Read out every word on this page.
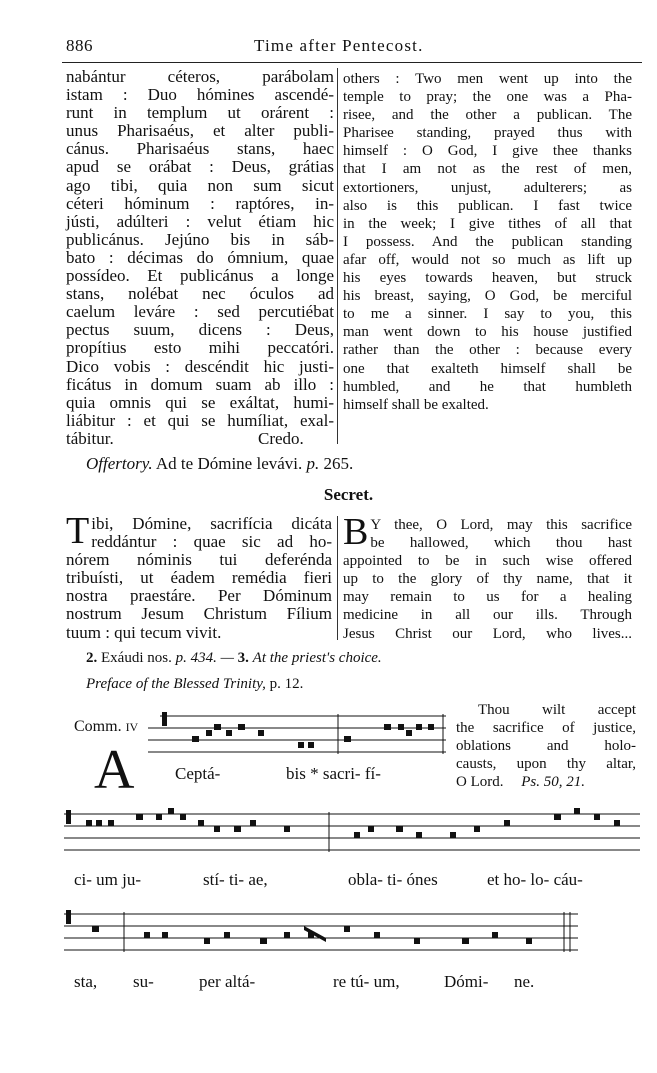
886	Time after Pentecost.
nabántur céteros, parábolam
istam : Duo hómines ascendé-
runt in templum ut orárent :
unus Pharisaéus, et alter publi-
cánus. Pharisaéus stans, haec
apud se orábat : Deus, grátias
ago tibi, quia non sum sicut
céteri hóminum : raptóres, in-
jústi, adúlteri : velut étiam hic
publicánus. Jejúno bis in sáb-
bato : décimas do ómnium, quae
possídeo. Et publicánus a longe
stans, nolébat nec óculos ad
caelum leváre : sed percutiébat
pectus suum, dicens : Deus,
propítius esto mihi peccatóri.
Dico vobis : descéndit hic justi-
ficátus in domum suam ab illo :
quia omnis qui se exáltat, humi-
liábitur : et qui se humíliat, exal-
tábitur.	Credo.
others : Two men went up into the
temple to pray; the one was a Pha-
risee, and the other a publican. The
Pharisee standing, prayed thus with
himself : O God, I give thee thanks
that I am not as the rest of men,
extortioners, unjust, adulterers; as
also is this publican. I fast twice
in the week; I give tithes of all that
I possess. And the publican standing
afar off, would not so much as lift up
his eyes towards heaven, but struck
his breast, saying, O God, be merciful
to me a sinner. I say to you, this
man went down to his house justified
rather than the other : because every
one that exalteth himself shall be
humbled, and he that humbleth
himself shall be exalted.
Offertory. Ad te Dómine levávi. p. 265.
Secret.
T ibi, Dómine, sacrifícia dicáta
reddántur : quae sic ad ho-
nórem nóminis tui deferénda
tribuísti, ut éadem remédia fieri
nostra praestáre. Per Dóminum
nostrum Jesum Christum Fílium
tuum : qui tecum vivit.
B Y thee, O Lord, may this sacrifice
be hallowed, which thou hast
appointed to be in such wise offered
up to the glory of thy name, that it
may remain to us for a healing
medicine in all our ills. Through
Jesus Christ our Lord, who lives...
2. Exáudi nos. p. 434. — 3. At the priest's choice.
Preface of the Blessed Trinity, p. 12.
Comm. IV
A Ceptá-	bis * sacri- fí-
Thou wilt accept
the sacrifice of justice,
oblations and holo-
causts, upon thy altar,
O Lord. Ps. 50, 21.
ci- um ju-	stí- ti- ae,	obla- ti- ónes	et ho- lo- cáu-
sta, su-	per altá-	re tú- um,	Dómi- ne.
